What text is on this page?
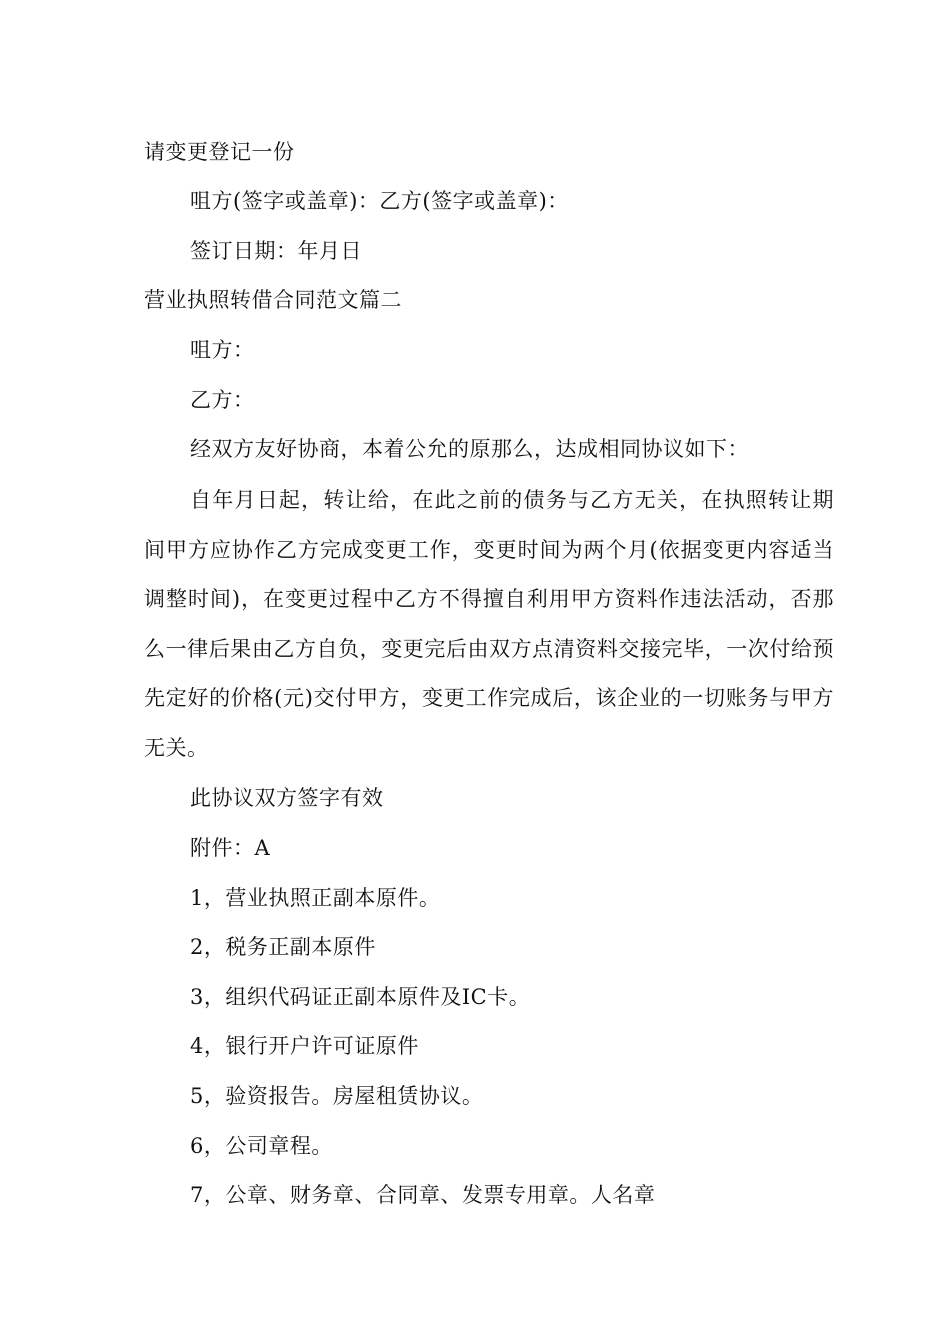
请变更登记一份
咀方(签字或盖章)：乙方(签字或盖章)：
签订日期：年月日
营业执照转借合同范文篇二
咀方：
乙方：
经双方友好协商，本着公允的原那么，达成相同协议如下：
自年月日起，转让给，在此之前的债务与乙方无关，在执照转让期间甲方应协作乙方完成变更工作，变更时间为两个月(依据变更内容适当调整时间)，在变更过程中乙方不得擅自利用甲方资料作违法活动，否那么一律后果由乙方自负，变更完后由双方点清资料交接完毕，一次付给预先定好的价格(元)交付甲方，变更工作完成后，该企业的一切账务与甲方无关。
此协议双方签字有效
附件：A
1，营业执照正副本原件。
2，税务正副本原件
3，组织代码证正副本原件及IC卡。
4，银行开户许可证原件
5，验资报告。房屋租赁协议。
6，公司章程。
7，公章、财务章、合同章、发票专用章。人名章
